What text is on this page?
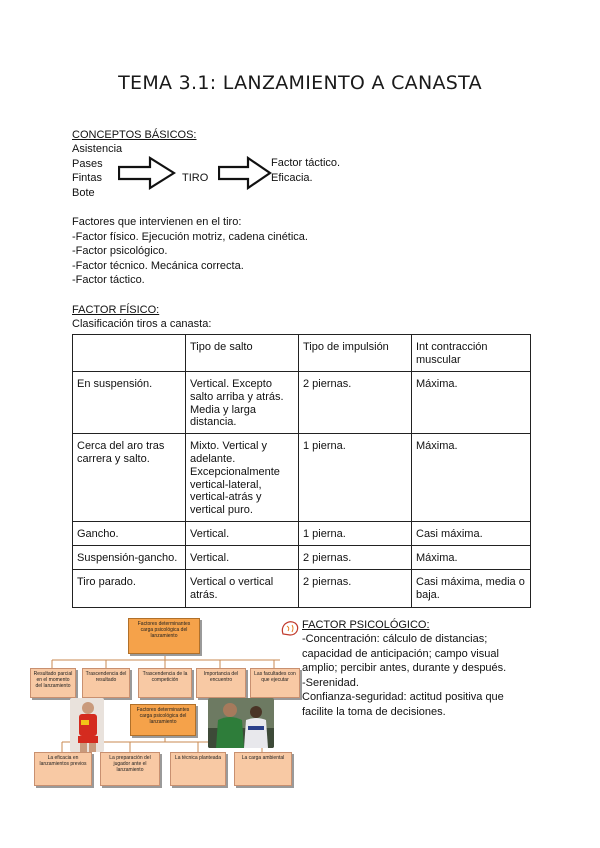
TEMA 3.1: LANZAMIENTO A CANASTA
CONCEPTOS BÁSICOS:
Asistencia
Pases
Fintas
Bote
TIRO
Factor táctico.
Eficacia.
Factores que intervienen en el tiro:
-Factor físico. Ejecución motriz, cadena cinética.
-Factor psicológico.
-Factor técnico. Mecánica correcta.
-Factor táctico.
FACTOR FÍSICO:
Clasificación tiros a canasta:
	Tipo de salto	Tipo de impulsión	Int contracción muscular
En suspensión.	Vertical. Excepto salto arriba y atrás. Media y larga distancia.	2 piernas.	Máxima.
Cerca del aro tras carrera y salto.	Mixto. Vertical y adelante. Excepcionalmente vertical-lateral, vertical-atrás y vertical puro.	1 pierna.	Máxima.
Gancho.	Vertical.	1 pierna.	Casi máxima.
Suspensión-gancho.	Vertical.	2 piernas.	Máxima.
Tiro parado.	Vertical o vertical atrás.	2 piernas.	Casi máxima, media o baja.
Factores determinantes carga psicológica del lanzamiento
Resultado parcial en el momento del lanzamiento
Trascendencia del resultado
Trascendencia de la competición
Importancia del encuentro
Las facultades con que ejecutar
Factores determinantes carga psicológica del lanzamiento
La eficacia en lanzamientos previos
La preparación del jugador ante el lanzamiento
La técnica planteada	La carga ambiental
FACTOR PSICOLÓGICO:
-Concentración: cálculo de distancias;
capacidad de anticipación; campo visual
amplio; percibir antes, durante y después.
-Serenidad.
Confianza-seguridad: actitud positiva que
facilite la toma de decisiones.
